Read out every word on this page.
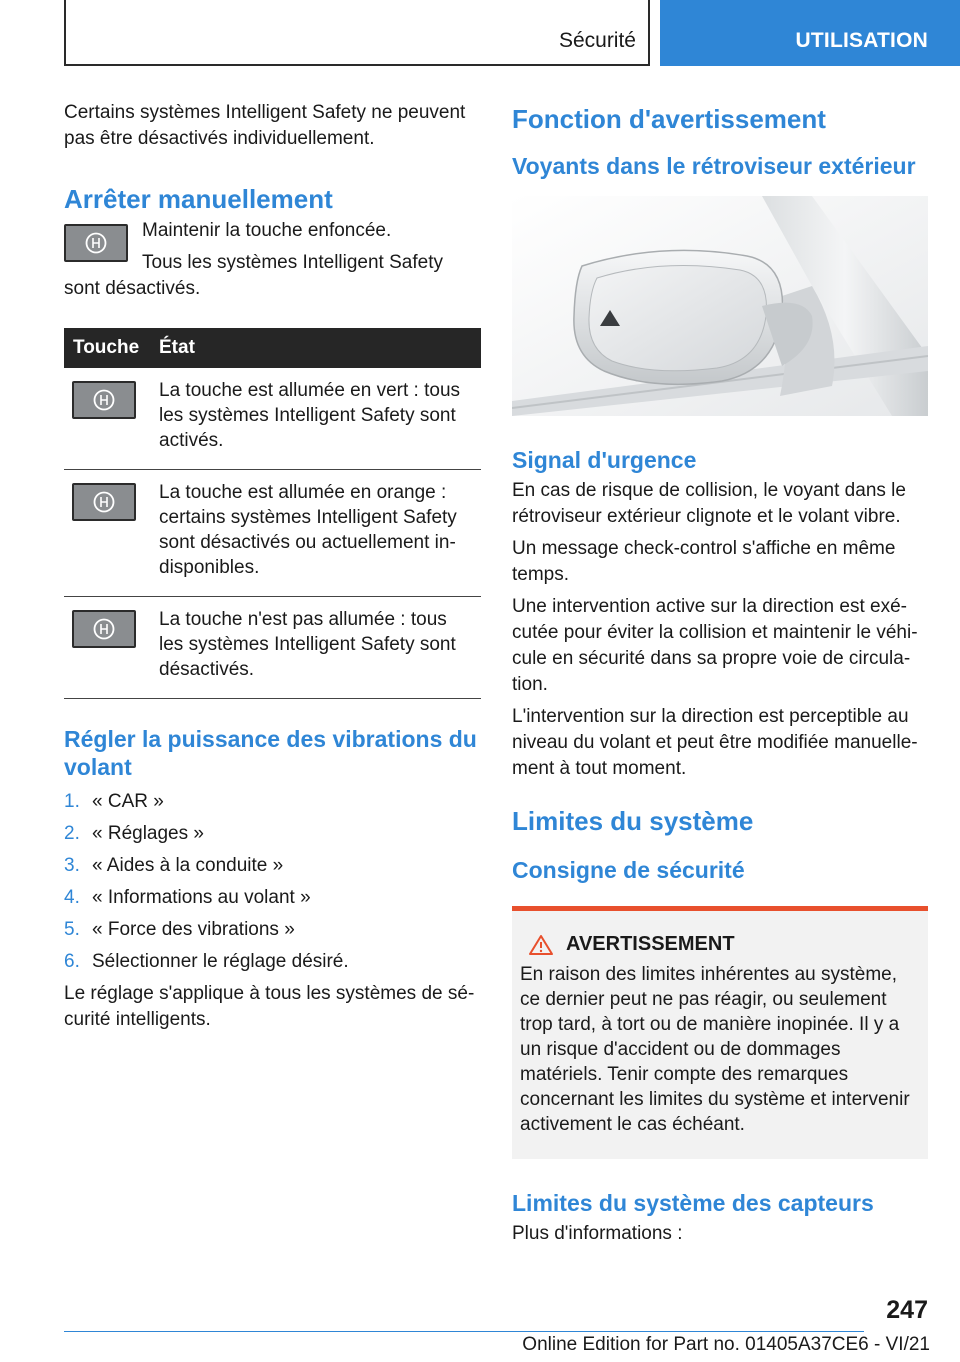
Sécurité	UTILISATION

Certains systèmes Intelligent Safety ne peuvent pas être désactivés individuellement.

Arrêter manuellement

Maintenir la touche enfoncée.

Tous les systèmes Intelligent Safety sont désactivés.

Touche	État

	La touche est allumée en vert : tous les systèmes Intelligent Safety sont activés.

	La touche est allumée en orange : certains systèmes Intelligent Safety sont désactivés ou actuellement indisponibles.

	La touche n'est pas allumée : tous les systèmes Intelligent Safety sont désactivés.
Régler la puissance des vibrations du volant
1. « CAR »
2. « Réglages »
3. « Aides à la conduite »
4. « Informations au volant »
5. « Force des vibrations »
6. Sélectionner le réglage désiré.

Le réglage s'applique à tous les systèmes de sécurité intelligents.

Fonction d'avertissement
Voyants dans le rétroviseur extérieur
Signal d'urgence

En cas de risque de collision, le voyant dans le rétroviseur extérieur clignote et le volant vibre.

Un message check-control s'affiche en même temps.

Une intervention active sur la direction est exécutée pour éviter la collision et maintenir le véhicule en sécurité dans sa propre voie de circulation.

L'intervention sur la direction est perceptible au niveau du volant et peut être modifiée manuellement à tout moment.

Limites du système
Consigne de sécurité
AVERTISSEMENT

En raison des limites inhérentes au système, ce dernier peut ne pas réagir, ou seulement trop tard, à tort ou de manière inopinée. Il y a un risque d'accident ou de dommages matériels. Tenir compte des remarques concernant les limites du système et intervenir activement le cas échéant.

Limites du système des capteurs

Plus d'informations :

247
Online Edition for Part no. 01405A37CE6 - VI/21
